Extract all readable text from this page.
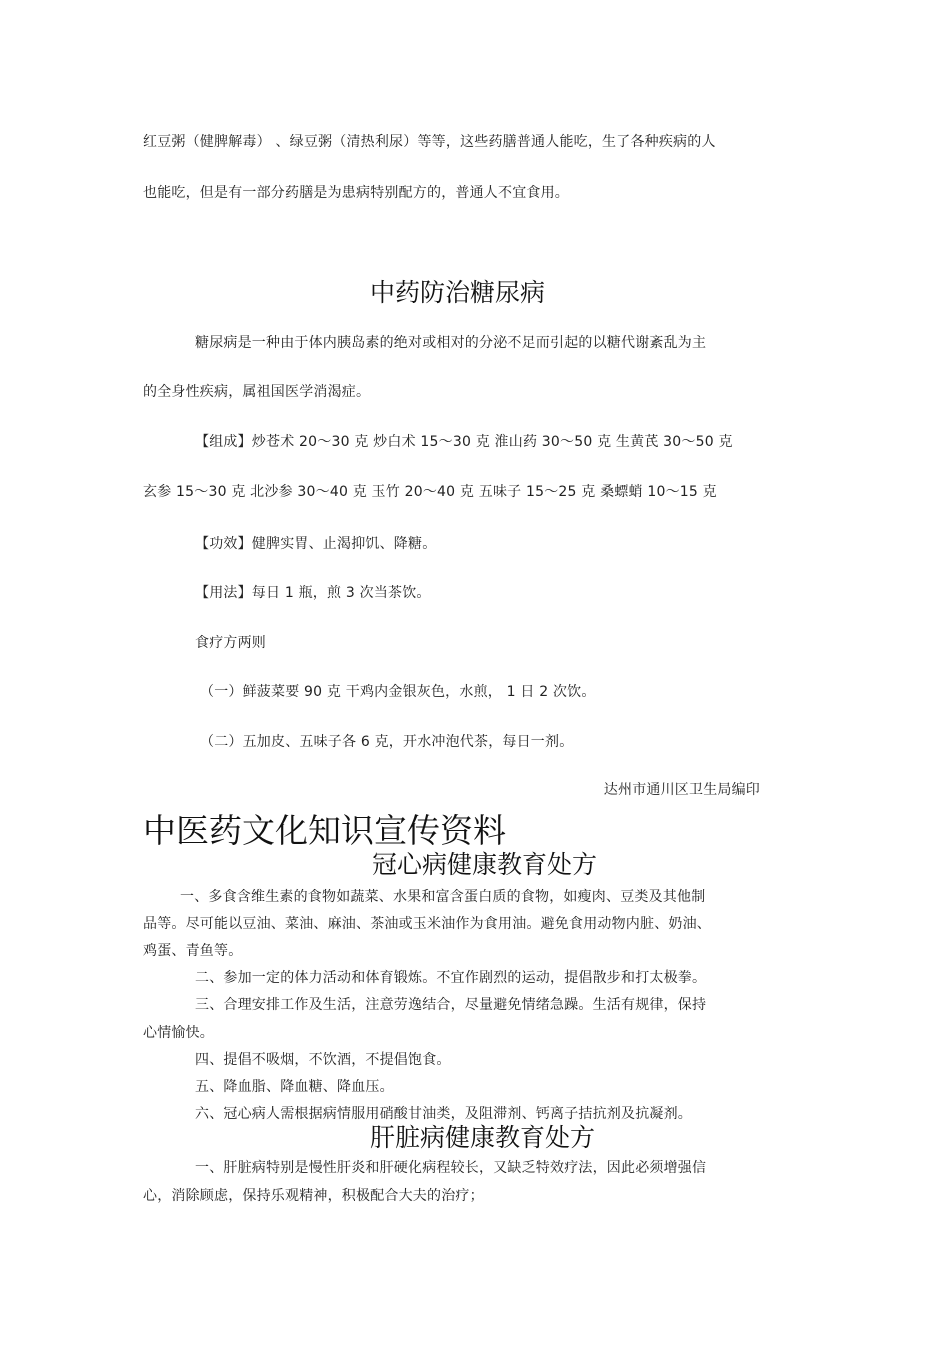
红豆粥（健脾解毒） 、绿豆粥（清热利尿）等等，这些药膳普通人能吃，生了各种疾病的人
也能吃，但是有一部分药膳是为患病特别配方的，普通人不宜食用。
中药防治糖尿病
糖尿病是一种由于体内胰岛素的绝对或相对的分泌不足而引起的以糖代谢紊乱为主
的全身性疾病，属祖国医学消渴症。
【组成】炒苍术 20～30 克 炒白术 15～30 克 淮山药 30～50 克 生黄芪 30～50 克
玄参 15～30 克 北沙参 30～40 克 玉竹 20～40 克 五味子 15～25 克 桑螵蛸 10～15 克
【功效】健脾实胃、止渴抑饥、降糖。
【用法】每日 1 瓶，煎 3 次当茶饮。
食疗方两则
（一）鲜菠菜要 90 克 干鸡内金银灰色，水煎， 1 日 2 次饮。
（二）五加皮、五味子各 6 克，开水冲泡代茶，每日一剂。
达州市通川区卫生局编印
中医药文化知识宣传资料
冠心病健康教育处方
一、多食含维生素的食物如蔬菜、水果和富含蛋白质的食物，如瘦肉、豆类及其他制
品等。尽可能以豆油、菜油、麻油、茶油或玉米油作为食用油。避免食用动物内脏、奶油、
鸡蛋、青鱼等。
二、参加一定的体力活动和体育锻炼。不宜作剧烈的运动，提倡散步和打太极拳。
三、合理安排工作及生活，注意劳逸结合，尽量避免情绪急躁。生活有规律，保持
心情愉快。
四、提倡不吸烟，不饮酒，不提倡饱食。
五、降血脂、降血糖、降血压。
六、冠心病人需根据病情服用硝酸甘油类，及阻滞剂、钙离子拮抗剂及抗凝剂。
肝脏病健康教育处方
一、肝脏病特别是慢性肝炎和肝硬化病程较长，又缺乏特效疗法，因此必须增强信
心，消除顾虑，保持乐观精神，积极配合大夫的治疗；
